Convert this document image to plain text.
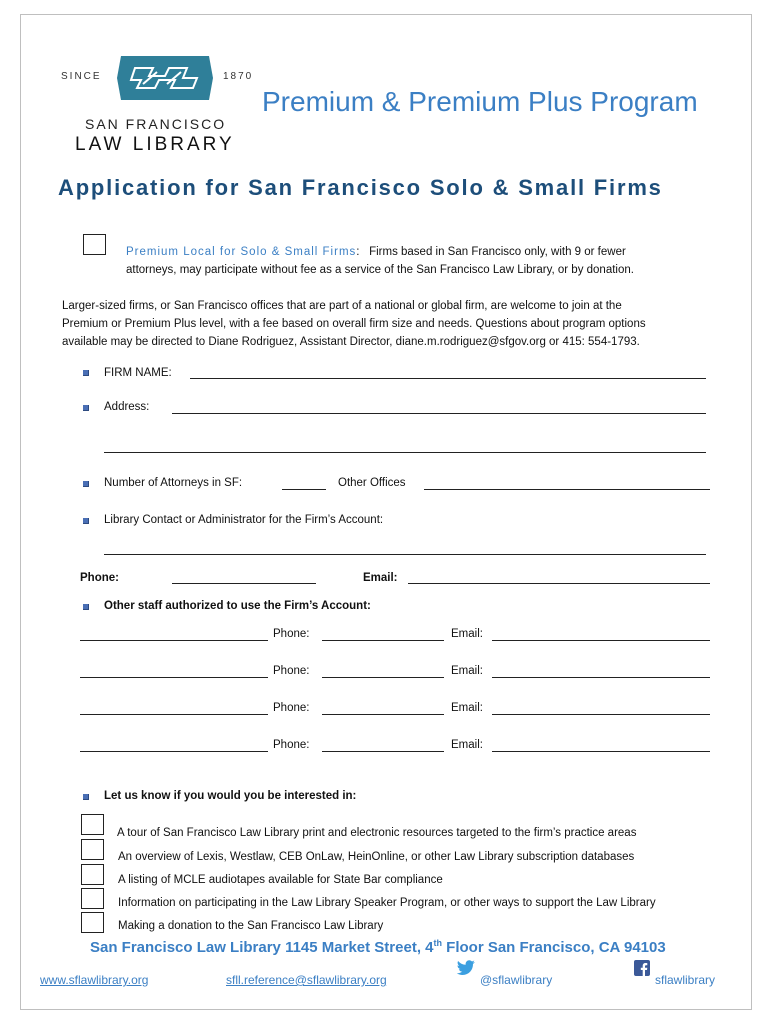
SINCE	1870
SAN FRANCISCO
LAW LIBRARY
Premium & Premium Plus Program
Application for San Francisco Solo & Small Firms
Premium Local for Solo & Small Firms: Firms based in San Francisco only, with 9 or fewer
attorneys, may participate without fee as a service of the San Francisco Law Library, or by donation.
Larger-sized firms, or San Francisco offices that are part of a national or global firm, are welcome to join at the
Premium or Premium Plus level, with a fee based on overall firm size and needs. Questions about program options
available may be directed to Diane Rodriguez, Assistant Director, diane.m.rodriguez@sfgov.org or 415: 554-1793.
FIRM NAME:
Address:
Number of Attorneys in SF:	Other Offices
Library Contact or Administrator for the Firm’s Account:
Phone:	Email:
Other staff authorized to use the Firm’s Account:
Phone:	Email:
Phone:	Email:
Phone:	Email:
Phone:	Email:
Let us know if you would you be interested in:
A tour of San Francisco Law Library print and electronic resources targeted to the firm’s practice areas
An overview of Lexis, Westlaw, CEB OnLaw, HeinOnline, or other Law Library subscription databases
A listing of MCLE audiotapes available for State Bar compliance
Information on participating in the Law Library Speaker Program, or other ways to support the Law Library
Making a donation to the San Francisco Law Library
San Francisco Law Library 1145 Market Street, 4th Floor San Francisco, CA 94103
www.sflawlibrary.org	sfll.reference@sflawlibrary.org	@sflawlibrary	sflawlibrary
